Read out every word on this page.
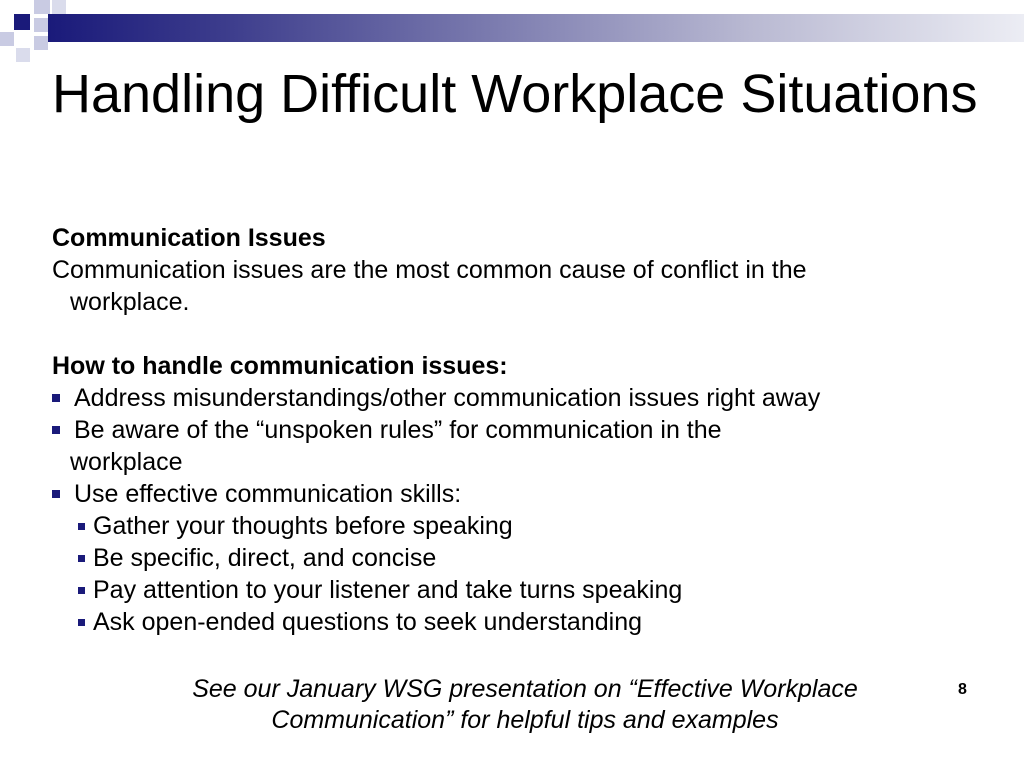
Handling Difficult Workplace Situations

Communication Issues

Communication issues are the most common cause of conflict in the

workplace.

How to handle communication issues:

Address misunderstandings/other communication issues right away
Be aware of the “unspoken rules” for communication in the

workplace

Use effective communication skills:
Gather your thoughts before speaking
Be specific, direct, and concise
Pay attention to your listener and take turns speaking
Ask open-ended questions to seek understanding
See our January WSG presentation on “Effective Workplace
Communication” for helpful tips and examples
8
